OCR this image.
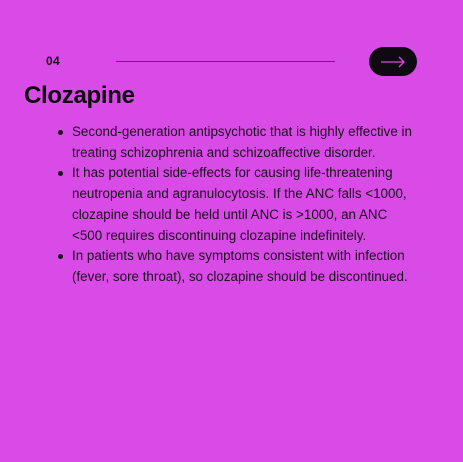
04
Clozapine
Second-generation antipsychotic that is highly effective in treating schizophrenia and schizoaffective disorder.
It has potential side-effects for causing life-threatening neutropenia and agranulocytosis. If the ANC falls <1000, clozapine should be held until ANC is >1000, an ANC <500 requires discontinuing clozapine indefinitely.
In patients who have symptoms consistent with infection (fever, sore throat), so clozapine should be discontinued.
